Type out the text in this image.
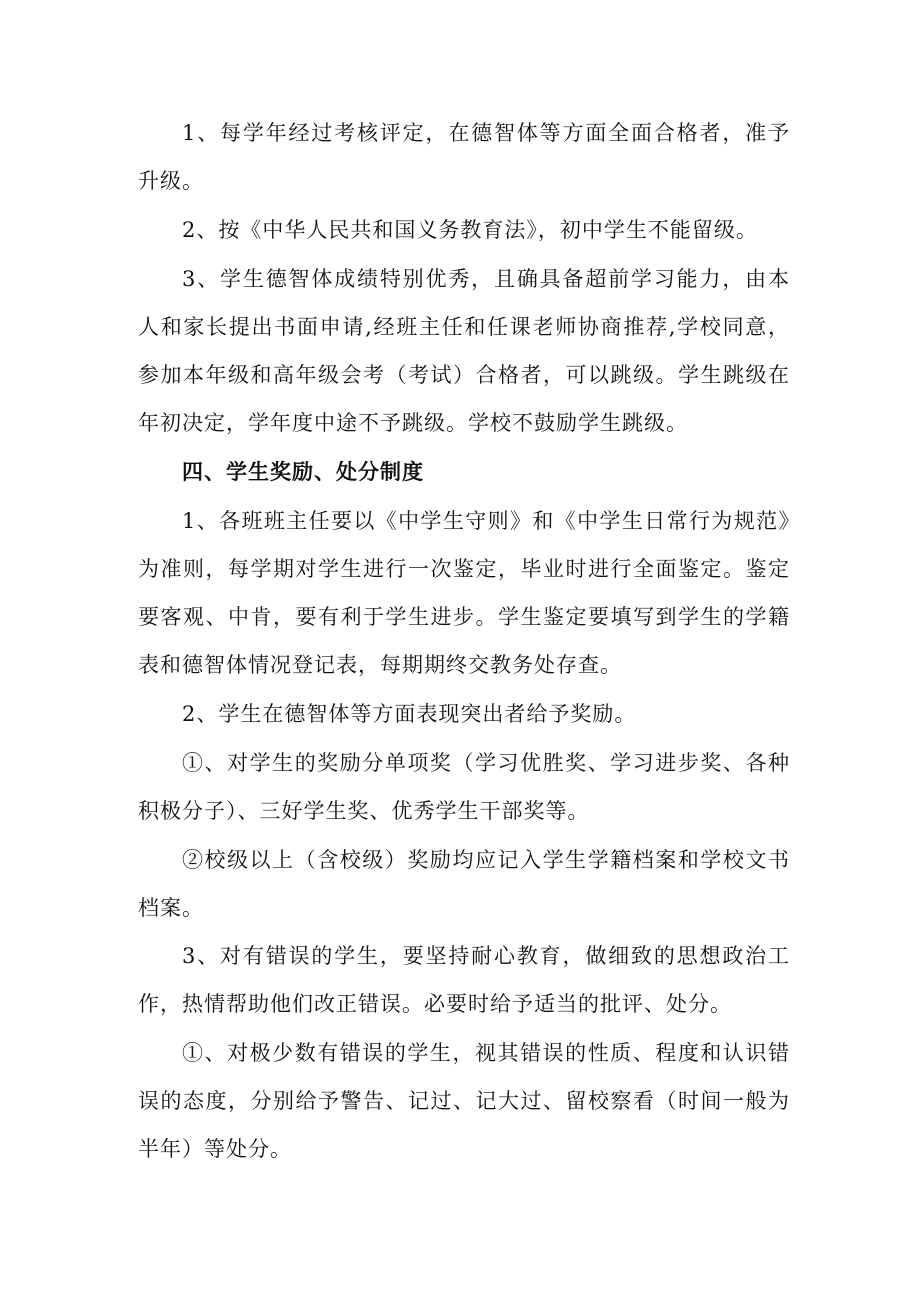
1、每学年经过考核评定，在德智体等方面全面合格者，准予升级。

2、按《中华人民共和国义务教育法》，初中学生不能留级。

3、学生德智体成绩特别优秀，且确具备超前学习能力，由本人和家长提出书面申请,经班主任和任课老师协商推荐,学校同意，参加本年级和高年级会考（考试）合格者，可以跳级。学生跳级在年初决定，学年度中途不予跳级。学校不鼓励学生跳级。

四、学生奖励、处分制度

1、各班班主任要以《中学生守则》和《中学生日常行为规范》为准则，每学期对学生进行一次鉴定，毕业时进行全面鉴定。鉴定要客观、中肯，要有利于学生进步。学生鉴定要填写到学生的学籍表和德智体情况登记表，每期期终交教务处存查。

2、学生在德智体等方面表现突出者给予奖励。

①、对学生的奖励分单项奖（学习优胜奖、学习进步奖、各种积极分子）、三好学生奖、优秀学生干部奖等。

②校级以上（含校级）奖励均应记入学生学籍档案和学校文书档案。

3、对有错误的学生，要坚持耐心教育，做细致的思想政治工作，热情帮助他们改正错误。必要时给予适当的批评、处分。

①、对极少数有错误的学生，视其错误的性质、程度和认识错误的态度，分别给予警告、记过、记大过、留校察看（时间一般为半年）等处分。
